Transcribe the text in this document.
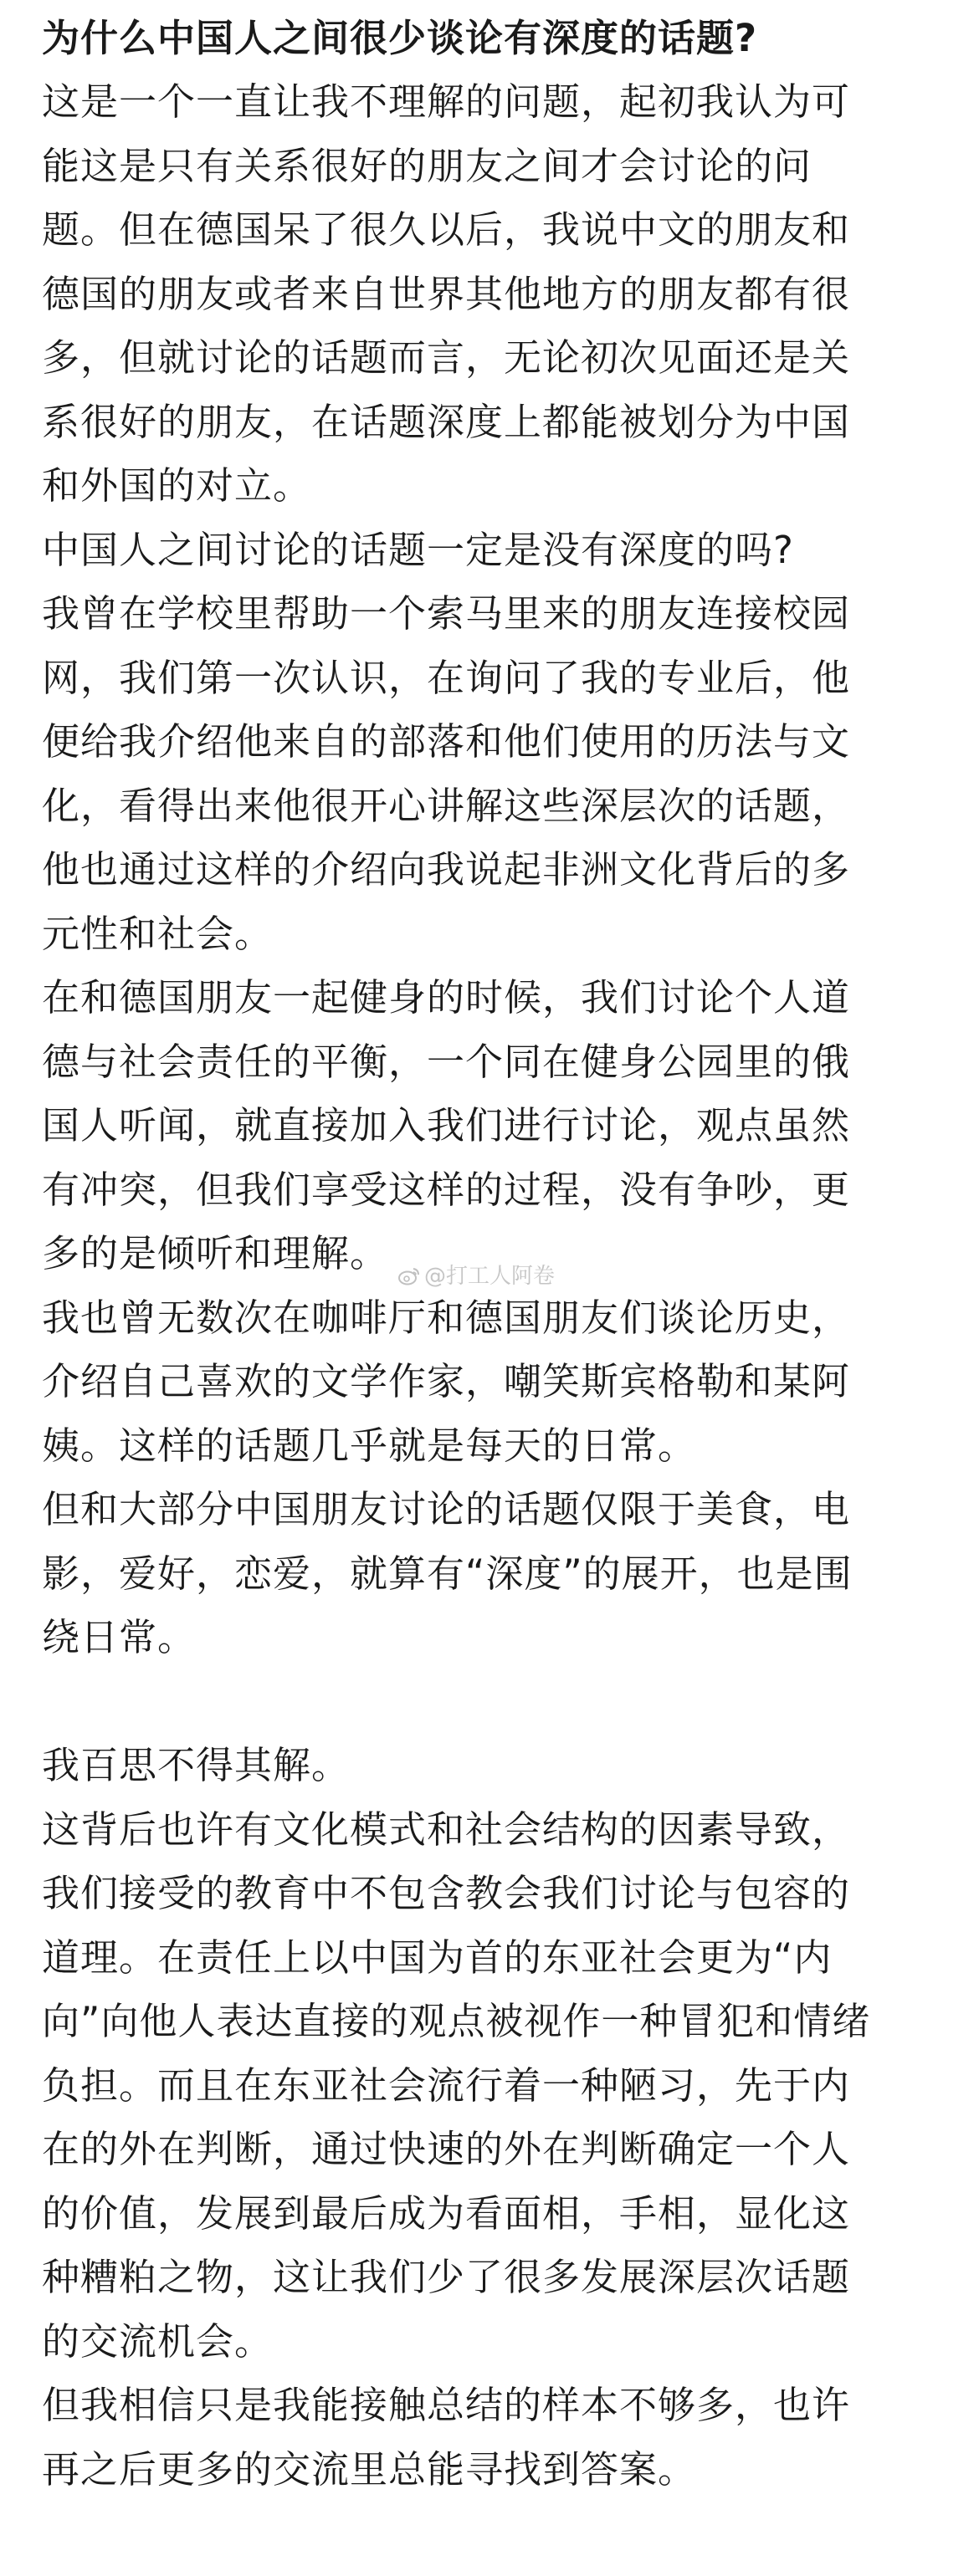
为什么中国人之间很少谈论有深度的话题?
这是一个一直让我不理解的问题，起初我认为可
能这是只有关系很好的朋友之间才会讨论的问
题。但在德国呆了很久以后，我说中文的朋友和
德国的朋友或者来自世界其他地方的朋友都有很
多，但就讨论的话题而言，无论初次见面还是关
系很好的朋友，在话题深度上都能被划分为中国
和外国的对立。
中国人之间讨论的话题一定是没有深度的吗?
我曾在学校里帮助一个索马里来的朋友连接校园
网，我们第一次认识，在询问了我的专业后，他
便给我介绍他来自的部落和他们使用的历法与文
化，看得出来他很开心讲解这些深层次的话题，
他也通过这样的介绍向我说起非洲文化背后的多
元性和社会。
在和德国朋友一起健身的时候，我们讨论个人道
德与社会责任的平衡，一个同在健身公园里的俄
国人听闻，就直接加入我们进行讨论，观点虽然
有冲突，但我们享受这样的过程，没有争吵，更
多的是倾听和理解。
我也曾无数次在咖啡厅和德国朋友们谈论历史，
介绍自己喜欢的文学作家，嘲笑斯宾格勒和某阿
姨。这样的话题几乎就是每天的日常。
但和大部分中国朋友讨论的话题仅限于美食，电
影，爱好，恋爱，就算有“深度”的展开，也是围
绕日常。
我百思不得其解。
这背后也许有文化模式和社会结构的因素导致，
我们接受的教育中不包含教会我们讨论与包容的
道理。在责任上以中国为首的东亚社会更为“内
向”向他人表达直接的观点被视作一种冒犯和情绪
负担。而且在东亚社会流行着一种陋习，先于内
在的外在判断，通过快速的外在判断确定一个人
的价值，发展到最后成为看面相，手相，显化这
种糟粕之物，这让我们少了很多发展深层次话题
的交流机会。
但我相信只是我能接触总结的样本不够多，也许
再之后更多的交流里总能寻找到答案。
@打工人阿卷
